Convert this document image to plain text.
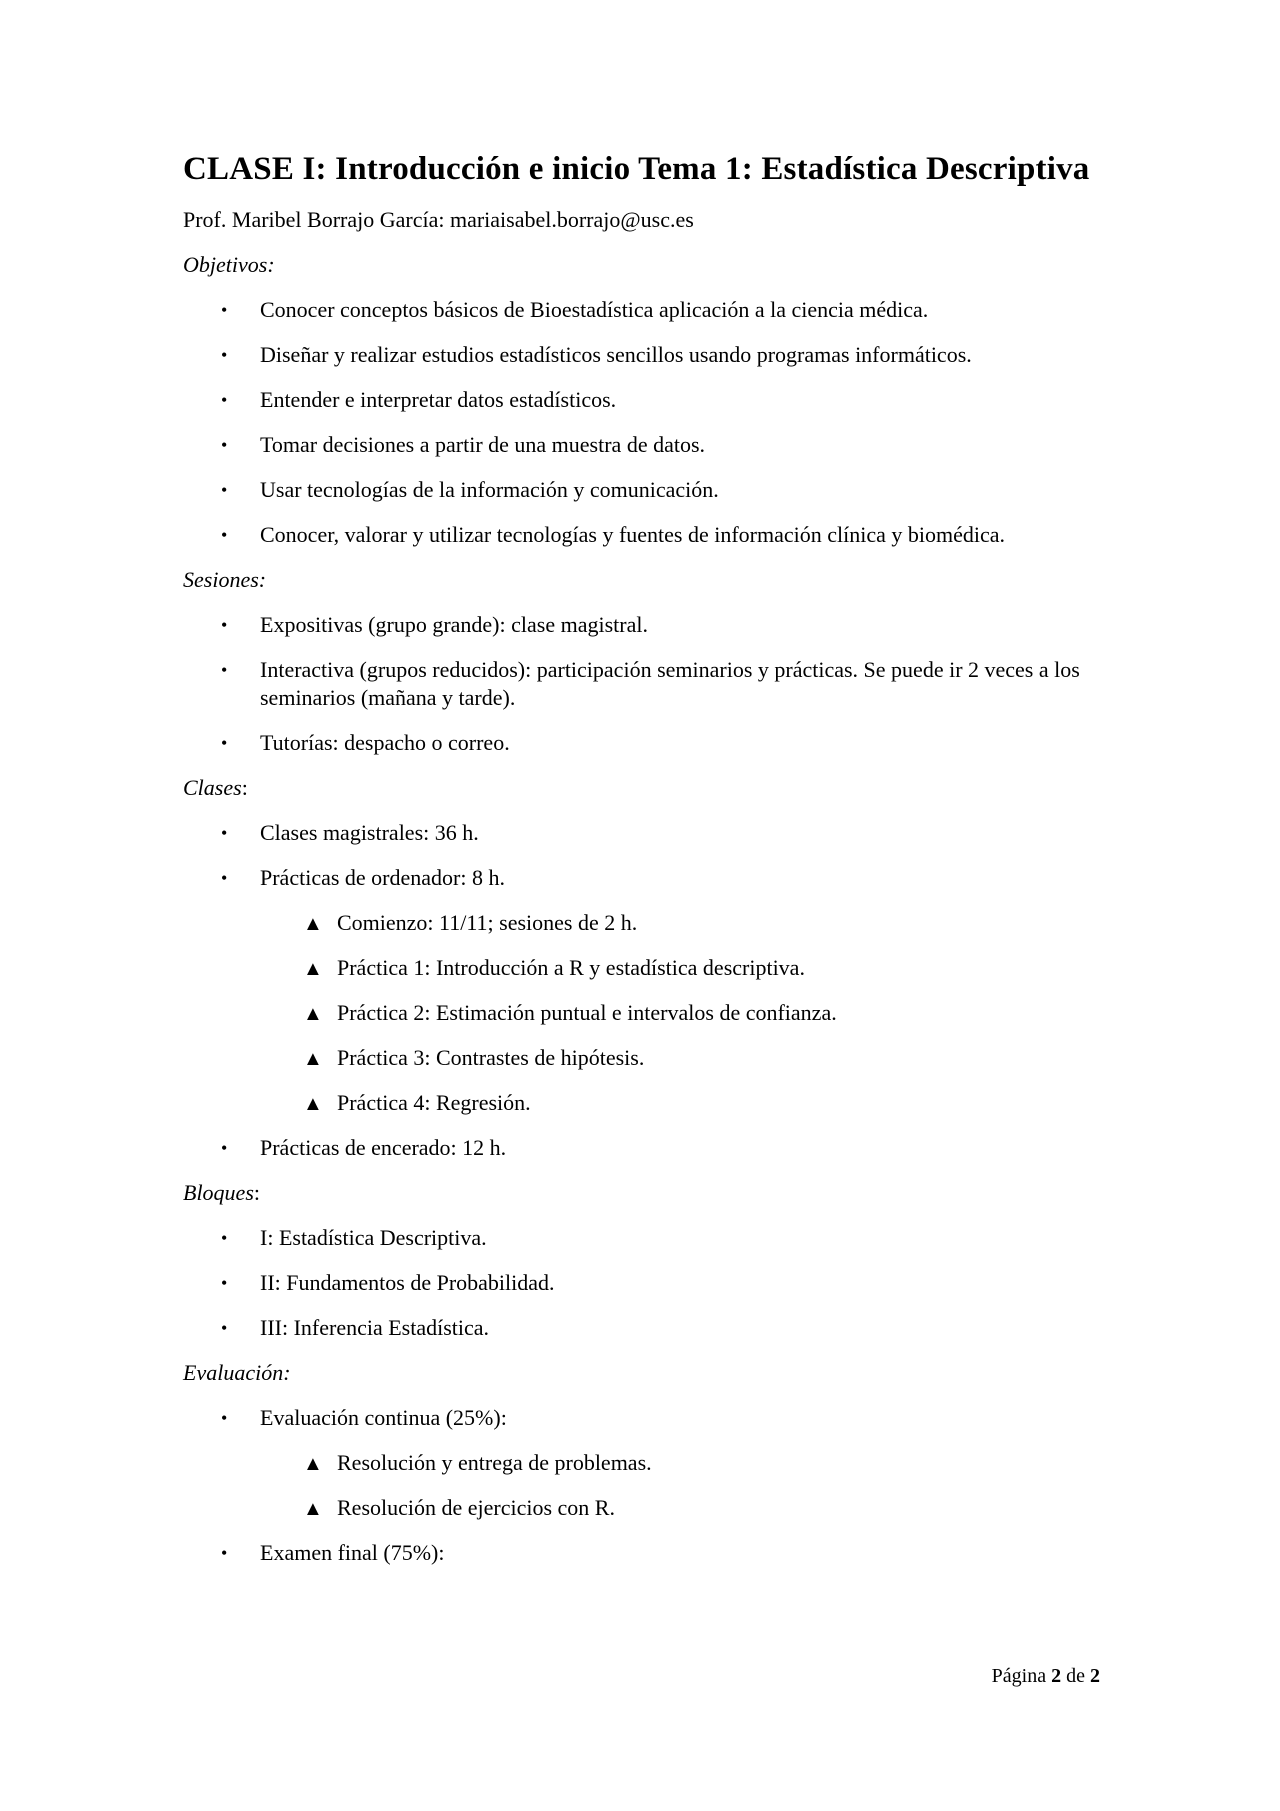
CLASE I: Introducción e inicio Tema 1: Estadística Descriptiva
Prof. Maribel Borrajo García: mariaisabel.borrajo@usc.es
Objetivos:
• Conocer conceptos básicos de Bioestadística aplicación a la ciencia médica.
• Diseñar y realizar estudios estadísticos sencillos usando programas informáticos.
• Entender e interpretar datos estadísticos.
• Tomar decisiones a partir de una muestra de datos.
• Usar tecnologías de la información y comunicación.
• Conocer, valorar y utilizar tecnologías y fuentes de información clínica y biomédica.
Sesiones:
• Expositivas (grupo grande): clase magistral.
• Interactiva (grupos reducidos): participación seminarios y prácticas. Se puede ir 2 veces a los seminarios (mañana y tarde).
• Tutorías: despacho o correo.
Clases:
• Clases magistrales: 36 h.
• Prácticas de ordenador: 8 h.
▲ Comienzo: 11/11; sesiones de 2 h.
▲ Práctica 1: Introducción a R y estadística descriptiva.
▲ Práctica 2: Estimación puntual e intervalos de confianza.
▲ Práctica 3: Contrastes de hipótesis.
▲ Práctica 4: Regresión.
• Prácticas de encerado: 12 h.
Bloques:
• I: Estadística Descriptiva.
• II: Fundamentos de Probabilidad.
• III: Inferencia Estadística.
Evaluación:
• Evaluación continua (25%):
▲ Resolución y entrega de problemas.
▲ Resolución de ejercicios con R.
• Examen final (75%):
Página 2 de 2
